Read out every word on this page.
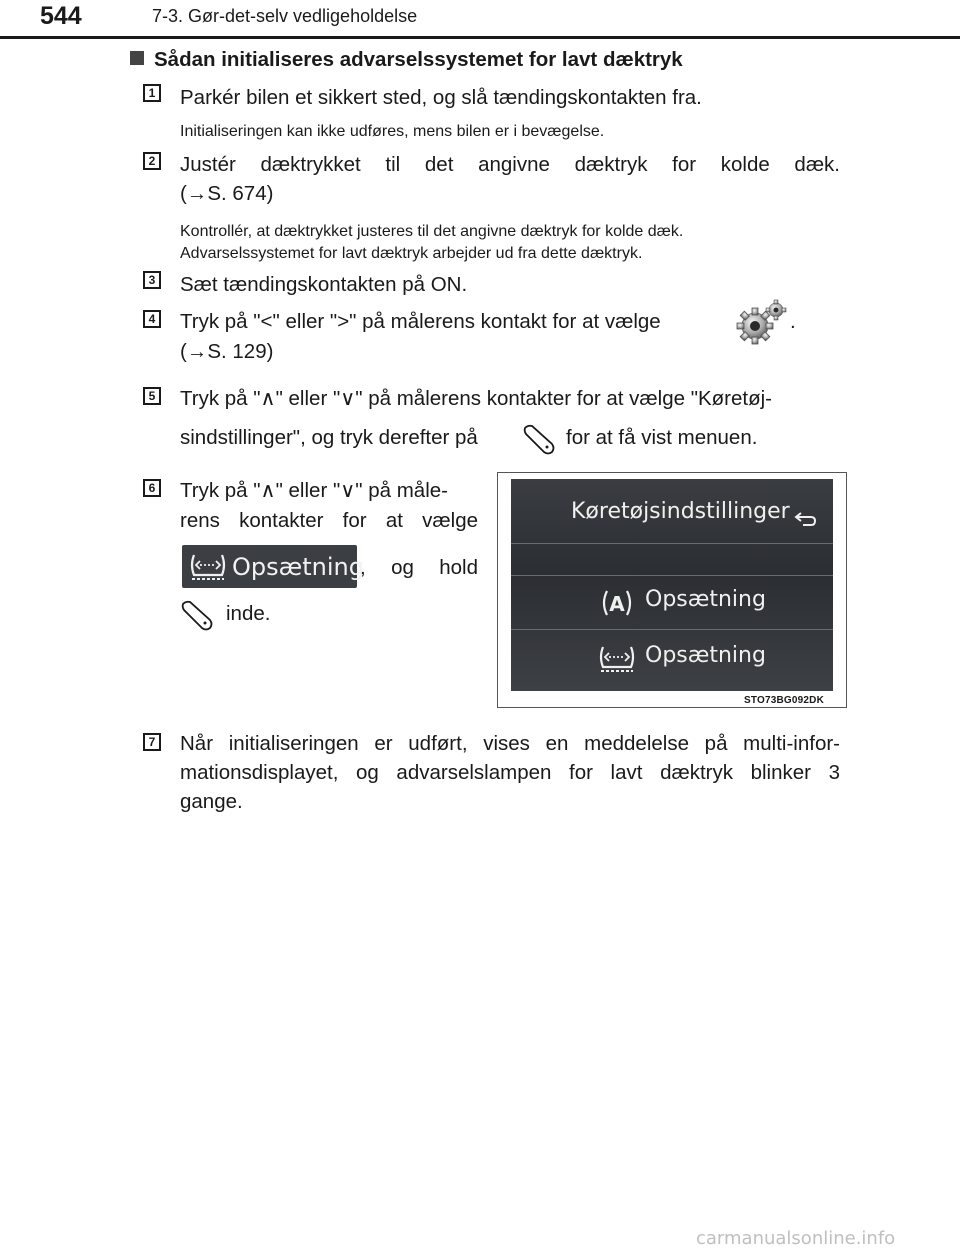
544	7-3. Gør-det-selv vedligeholdelse
Sådan initialiseres advarselssystemet for lavt dæktryk
1 Parkér bilen et sikkert sted, og slå tændingskontakten fra.
Initialiseringen kan ikke udføres, mens bilen er i bevægelse.
2 Justér dæktrykket til det angivne dæktryk for kolde dæk.
(→S. 674)
Kontrollér, at dæktrykket justeres til det angivne dæktryk for kolde dæk.
Advarselssystemet for lavt dæktryk arbejder ud fra dette dæktryk.
3 Sæt tændingskontakten på ON.
4 Tryk på "<" eller ">" på målerens kontakt for at vælge	.
(→S. 129)
5 Tryk på "∧" eller "∨" på målerens kontakter for at vælge "Køretøj-
sindstillinger", og tryk derefter på	for at få vist menuen.
6 Tryk på "∧" eller "∨" på måle-
rens kontakter for at vælge
Opsætning
, og hold
inde.
Køretøjsindstillinger
A Opsætning
Opsætning
STO73BG092DK
7 Når initialiseringen er udført, vises en meddelelse på multi-infor-
mationsdisplayet, og advarselslampen for lavt dæktryk blinker 3
gange.
carmanualsonline.info
